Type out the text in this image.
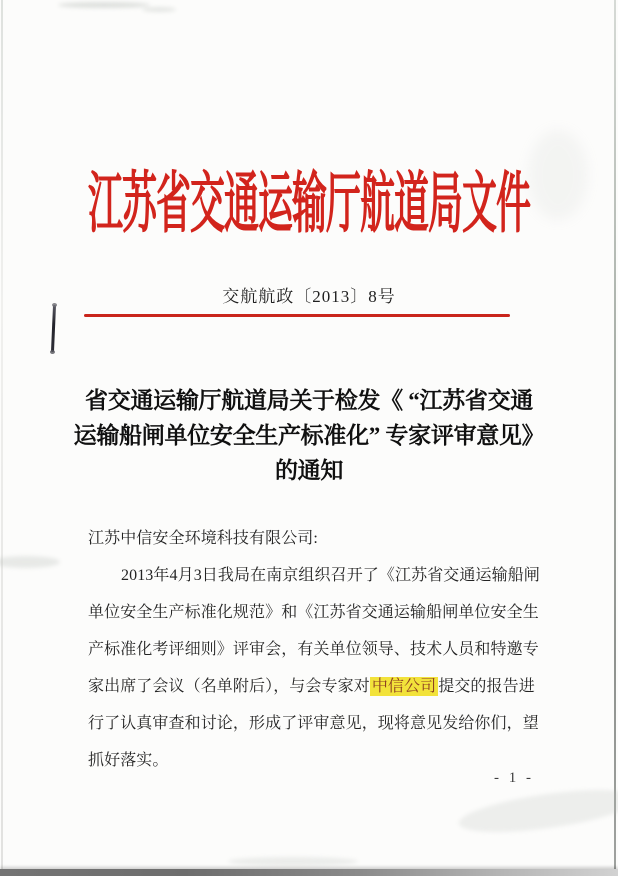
江苏省交通运输厅航道局文件
交航航政〔2013〕8号
省交通运输厅航道局关于检发《 “江苏省交通
运输船闸单位安全生产标准化” 专家评审意见》
的通知
江苏中信安全环境科技有限公司:
2013年4月3日我局在南京组织召开了《江苏省交通运输船闸
单位安全生产标准化规范》和《江苏省交通运输船闸单位安全生
产标准化考评细则》评审会，有关单位领导、技术人员和特邀专
家出席了会议（名单附后），与会专家对 中信公司 提交的报告进
行了认真审查和讨论，形成了评审意见，现将意见发给你们，望
抓好落实。
- 1 -
